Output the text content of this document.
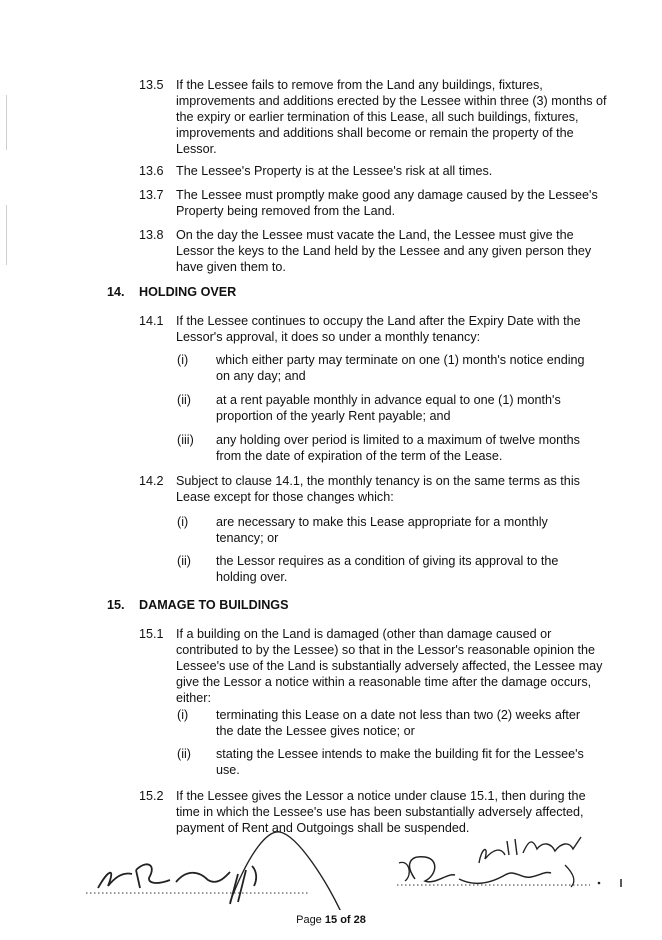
13.5 If the Lessee fails to remove from the Land any buildings, fixtures, improvements and additions erected by the Lessee within three (3) months of the expiry or earlier termination of this Lease, all such buildings, fixtures, improvements and additions shall become or remain the property of the Lessor.
13.6 The Lessee's Property is at the Lessee's risk at all times.
13.7 The Lessee must promptly make good any damage caused by the Lessee's Property being removed from the Land.
13.8 On the day the Lessee must vacate the Land, the Lessee must give the Lessor the keys to the Land held by the Lessee and any given person they have given them to.
14. HOLDING OVER
14.1 If the Lessee continues to occupy the Land after the Expiry Date with the Lessor's approval, it does so under a monthly tenancy:
(i) which either party may terminate on one (1) month's notice ending on any day; and
(ii) at a rent payable monthly in advance equal to one (1) month's proportion of the yearly Rent payable; and
(iii) any holding over period is limited to a maximum of twelve months from the date of expiration of the term of the Lease.
14.2 Subject to clause 14.1, the monthly tenancy is on the same terms as this Lease except for those changes which:
(i) are necessary to make this Lease appropriate for a monthly tenancy; or
(ii) the Lessor requires as a condition of giving its approval to the holding over.
15. DAMAGE TO BUILDINGS
15.1 If a building on the Land is damaged (other than damage caused or contributed to by the Lessee) so that in the Lessor's reasonable opinion the Lessee's use of the Land is substantially adversely affected, the Lessee may give the Lessor a notice within a reasonable time after the damage occurs, either:
(i) terminating this Lease on a date not less than two (2) weeks after the date the Lessee gives notice; or
(ii) stating the Lessee intends to make the building fit for the Lessee's use.
15.2 If the Lessee gives the Lessor a notice under clause 15.1, then during the time in which the Lessee's use has been substantially adversely affected, payment of Rent and Outgoings shall be suspended.
Page 15 of 28
